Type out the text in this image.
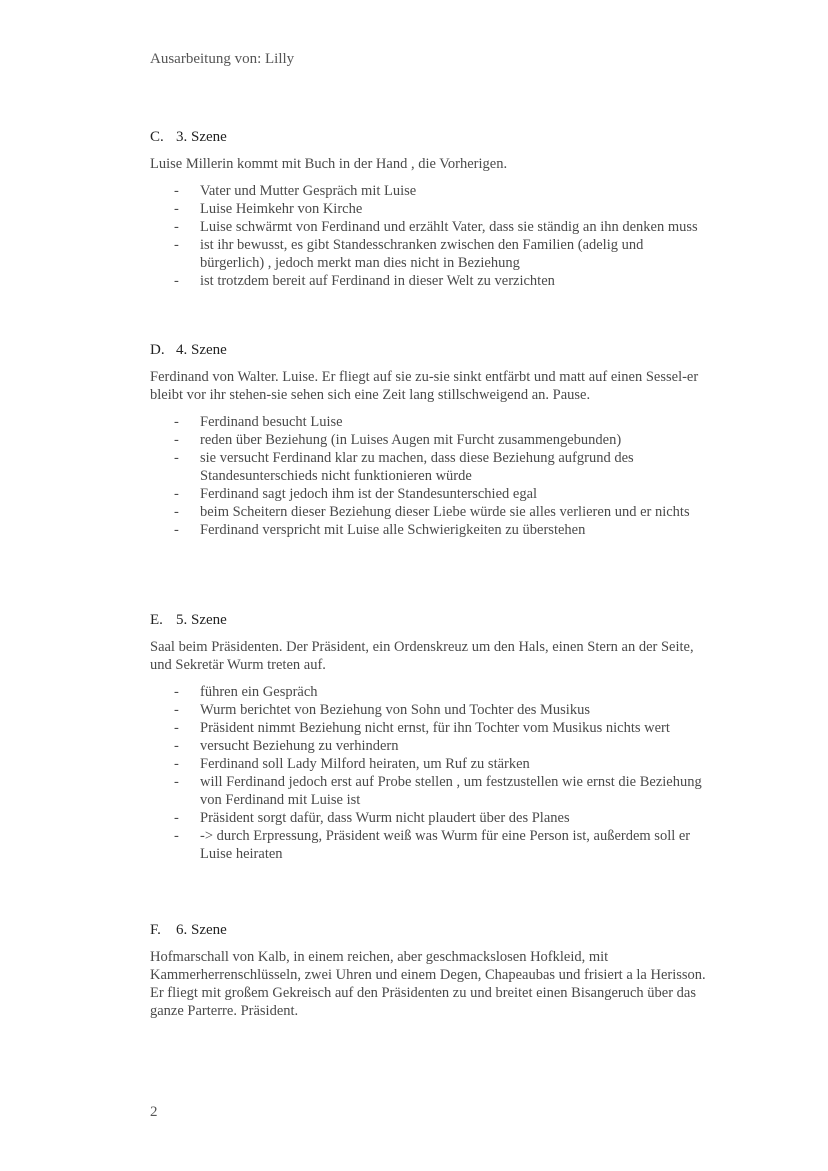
Ausarbeitung von: Lilly
C. 3. Szene
Luise Millerin kommt mit Buch in der Hand , die Vorherigen.
-	Vater und Mutter Gespräch mit Luise
-	Luise Heimkehr von Kirche
-	Luise schwärmt von Ferdinand und erzählt Vater, dass sie ständig an ihn denken muss
-	ist ihr bewusst, es gibt Standesschranken zwischen den Familien (adelig und bürgerlich) , jedoch merkt man dies nicht in Beziehung
-	ist trotzdem bereit auf Ferdinand in dieser Welt zu verzichten
D. 4. Szene
Ferdinand von Walter. Luise. Er fliegt auf sie zu-sie sinkt entfärbt und matt auf einen Sessel-er bleibt vor ihr stehen-sie sehen sich eine Zeit lang stillschweigend an. Pause.
-	Ferdinand besucht Luise
-	reden über Beziehung (in Luises Augen mit Furcht zusammengebunden)
-	sie versucht Ferdinand klar zu machen, dass diese Beziehung aufgrund des Standesunterschieds nicht funktionieren würde
-	Ferdinand sagt jedoch ihm ist der Standesunterschied egal
-	beim Scheitern dieser Beziehung dieser Liebe würde sie alles verlieren und er nichts
-	Ferdinand verspricht mit Luise alle Schwierigkeiten zu überstehen
E. 5. Szene
Saal beim Präsidenten. Der Präsident, ein Ordenskreuz um den Hals, einen Stern an der Seite, und Sekretär Wurm treten auf.
-	führen ein Gespräch
-	Wurm berichtet von Beziehung von Sohn und Tochter des Musikus
-	Präsident nimmt Beziehung nicht ernst, für ihn Tochter vom Musikus nichts wert
-	versucht Beziehung zu verhindern
-	Ferdinand soll Lady Milford heiraten, um Ruf zu stärken
-	will Ferdinand jedoch erst auf Probe stellen , um festzustellen wie ernst die Beziehung von Ferdinand mit Luise ist
-	Präsident sorgt dafür, dass Wurm nicht plaudert über des Planes
-	-> durch Erpressung, Präsident weiß was Wurm für eine Person ist, außerdem soll er Luise heiraten
F.	6. Szene
Hofmarschall von Kalb, in einem reichen, aber geschmackslosen Hofkleid, mit Kammerherrenschlüsseln, zwei Uhren und einem Degen, Chapeaubas und frisiert a la Herisson. Er fliegt mit großem Gekreisch auf den Präsidenten zu und breitet einen Bisangeruch über das ganze Parterre. Präsident.
2
